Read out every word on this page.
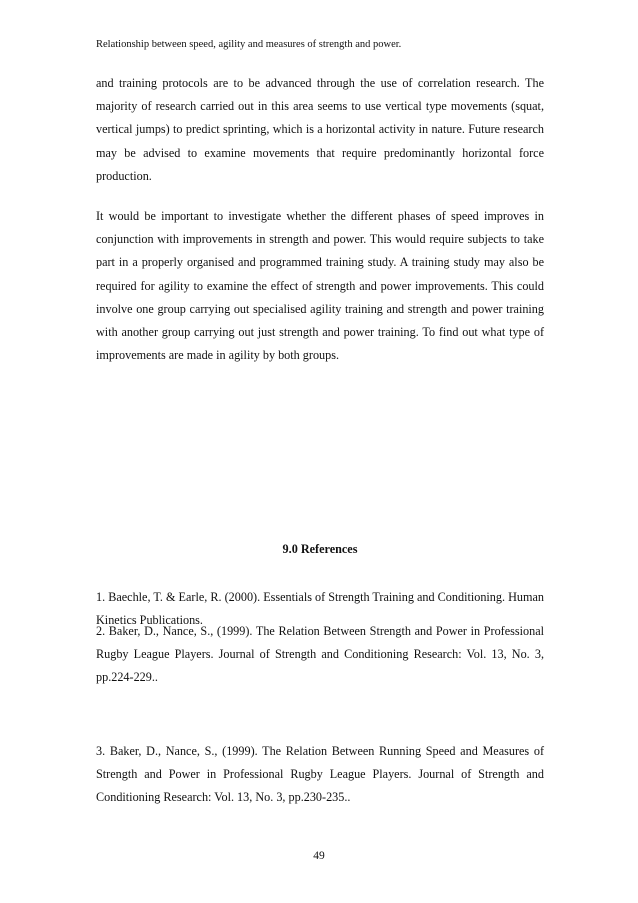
Relationship between speed, agility and measures of strength and power.

and training protocols are to be advanced through the use of correlation research. The majority of research carried out in this area seems to use vertical type movements (squat, vertical jumps) to predict sprinting, which is a horizontal activity in nature. Future research may be advised to examine movements that require predominantly horizontal force production.

It would be important to investigate whether the different phases of speed improves in conjunction with improvements in strength and power. This would require subjects to take part in a properly organised and programmed training study. A training study may also be required for agility to examine the effect of strength and power improvements. This could involve one group carrying out specialised agility training and strength and power training with another group carrying out just strength and power training. To find out what type of improvements are made in agility by both groups.

9.0 References

1. Baechle, T. & Earle, R. (2000). Essentials of Strength Training and Conditioning. Human Kinetics Publications.

2. Baker, D., Nance, S., (1999). The Relation Between Strength and Power in Professional Rugby League Players. Journal of Strength and Conditioning Research: Vol. 13, No. 3, pp.224-229..

3. Baker, D., Nance, S., (1999). The Relation Between Running Speed and Measures of Strength and Power in Professional Rugby League Players. Journal of Strength and Conditioning Research: Vol. 13, No. 3, pp.230-235..

49
